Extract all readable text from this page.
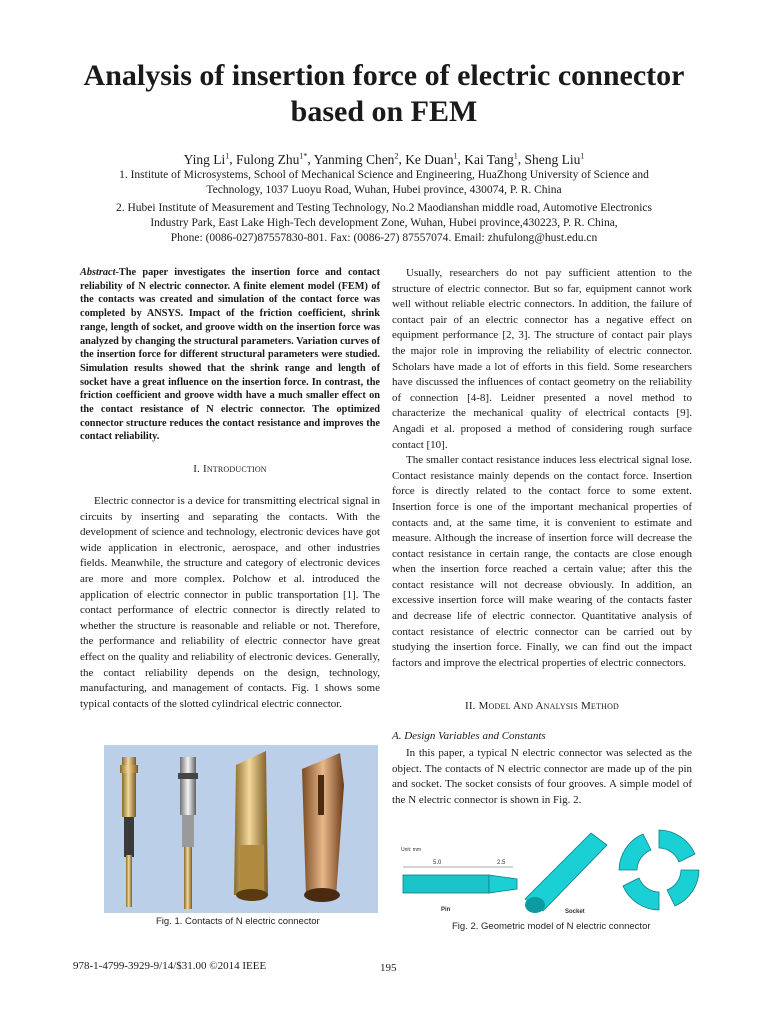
Analysis of insertion force of electric connector based on FEM
Ying Li$^1$, Fulong Zhu$^{1*}$, Yanming Chen$^2$, Ke Duan$^1$, Kai Tang$^1$, Sheng Liu$^1$
1. Institute of Microsystems, School of Mechanical Science and Engineering, HuaZhong University of Science and
Technology, 1037 Luoyu Road, Wuhan, Hubei province, 430074, P. R. China
2. Hubei Institute of Measurement and Testing Technology, No.2 Maodianshan middle road, Automotive Electronics
Industry Park, East Lake High-Tech development Zone, Wuhan, Hubei province,430223, P. R. China,
Phone: (0086-027)87557830-801. Fax: (0086-27) 87557074. Email: zhufulong@hust.edu.cn
Abstract-The paper investigates the insertion force and contact reliability of N electric connector. A finite element model (FEM) of the contacts was created and simulation of the contact force was completed by ANSYS. Impact of the friction coefficient, shrink range, length of socket, and groove width on the insertion force was analyzed by changing the structural parameters. Variation curves of the insertion force for different structural parameters were studied. Simulation results showed that the shrink range and length of socket have a great influence on the insertion force. In contrast, the friction coefficient and groove width have a much smaller effect on the contact resistance of N electric connector. The optimized connector structure reduces the contact resistance and improves the contact reliability.
I. Introduction

Electric connector is a device for transmitting electrical signal in circuits by inserting and separating the contacts. With the development of science and technology, electronic devices have got wide application in electronic, aerospace, and other industries fields. Meanwhile, the structure and category of electronic devices are more and more complex. Polchow et al. introduced the application of electric connector in public transportation [1]. The contact performance of electric connector is directly related to whether the structure is reasonable and reliable or not. Therefore, the performance and reliability of electric connector have great effect on the quality and reliability of electronic devices. Generally, the contact reliability depends on the design, technology, manufacturing, and management of contacts. Fig. 1 shows some typical contacts of the slotted cylindrical electric connector.

Fig. 1. Contacts of N electric connector

Usually, researchers do not pay sufficient attention to the structure of electric connector. But so far, equipment cannot work well without reliable electric connectors. In addition, the failure of contact pair of an electric connector has a negative effect on equipment performance [2, 3]. The structure of contact pair plays the major role in improving the reliability of electric connector. Scholars have made a lot of efforts in this field. Some researchers have discussed the influences of contact geometry on the reliability of connection [4-8]. Leidner presented a novel method to characterize the mechanical quality of electrical contacts [9]. Angadi et al. proposed a method of considering rough surface contact [10].

The smaller contact resistance induces less electrical signal lose. Contact resistance mainly depends on the contact force. Insertion force is directly related to the contact force to some extent. Insertion force is one of the important mechanical properties of contacts and, at the same time, it is convenient to estimate and measure. Although the increase of insertion force will decrease the contact resistance in certain range, the contacts are close enough when the insertion force reached a certain value; after this the contact resistance will not decrease obviously. In addition, an excessive insertion force will make wearing of the contacts faster and decrease life of electric connector. Quantitative analysis of contact resistance of electric connector can be carried out by studying the insertion force. Finally, we can find out the impact factors and improve the electrical properties of electric connectors.

II. Model And Analysis Method
A. Design Variables and Constants

In this paper, a typical N electric connector was selected as the object. The contacts of N electric connector are made up of the pin and socket. The socket consists of four grooves. A simple model of the N electric connector is shown in Fig. 2.

Unit: mm
5.0	2.5
Pin	Socket
Fig. 2. Geometric model of N electric connector
978-1-4799-3929-9/14/$31.00 ©2014 IEEE	195
